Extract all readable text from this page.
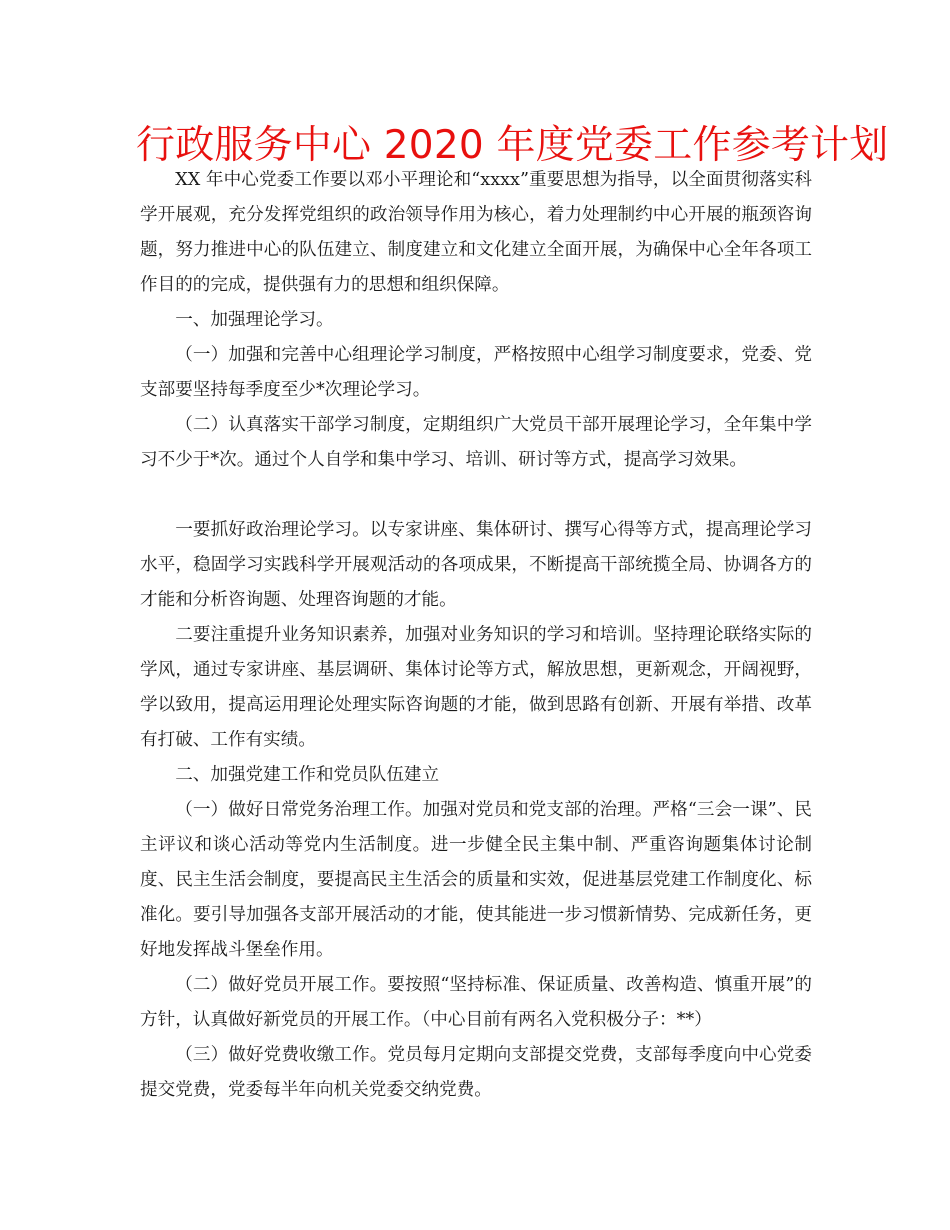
行政服务中心 2020 年度党委工作参考计划

XX 年中心党委工作要以邓小平理论和“xxxx”重要思想为指导，以全面贯彻落实科学开展观，充分发挥党组织的政治领导作用为核心，着力处理制约中心开展的瓶颈咨询题，努力推进中心的队伍建立、制度建立和文化建立全面开展，为确保中心全年各项工作目的的完成，提供强有力的思想和组织保障。

一、加强理论学习。

（一）加强和完善中心组理论学习制度，严格按照中心组学习制度要求，党委、党支部要坚持每季度至少*次理论学习。

（二）认真落实干部学习制度，定期组织广大党员干部开展理论学习，全年集中学习不少于*次。通过个人自学和集中学习、培训、研讨等方式，提高学习效果。

一要抓好政治理论学习。以专家讲座、集体研讨、撰写心得等方式，提高理论学习水平，稳固学习实践科学开展观活动的各项成果，不断提高干部统揽全局、协调各方的才能和分析咨询题、处理咨询题的才能。

二要注重提升业务知识素养，加强对业务知识的学习和培训。坚持理论联络实际的学风，通过专家讲座、基层调研、集体讨论等方式，解放思想，更新观念，开阔视野，学以致用，提高运用理论处理实际咨询题的才能，做到思路有创新、开展有举措、改革有打破、工作有实绩。

二、加强党建工作和党员队伍建立

（一）做好日常党务治理工作。加强对党员和党支部的治理。严格“三会一课”、民主评议和谈心活动等党内生活制度。进一步健全民主集中制、严重咨询题集体讨论制度、民主生活会制度，要提高民主生活会的质量和实效，促进基层党建工作制度化、标准化。要引导加强各支部开展活动的才能，使其能进一步习惯新情势、完成新任务，更好地发挥战斗堡垒作用。

（二）做好党员开展工作。要按照“坚持标准、保证质量、改善构造、慎重开展”的方针，认真做好新党员的开展工作。（中心目前有两名入党积极分子：**）

（三）做好党费收缴工作。党员每月定期向支部提交党费，支部每季度向中心党委提交党费，党委每半年向机关党委交纳党费。
